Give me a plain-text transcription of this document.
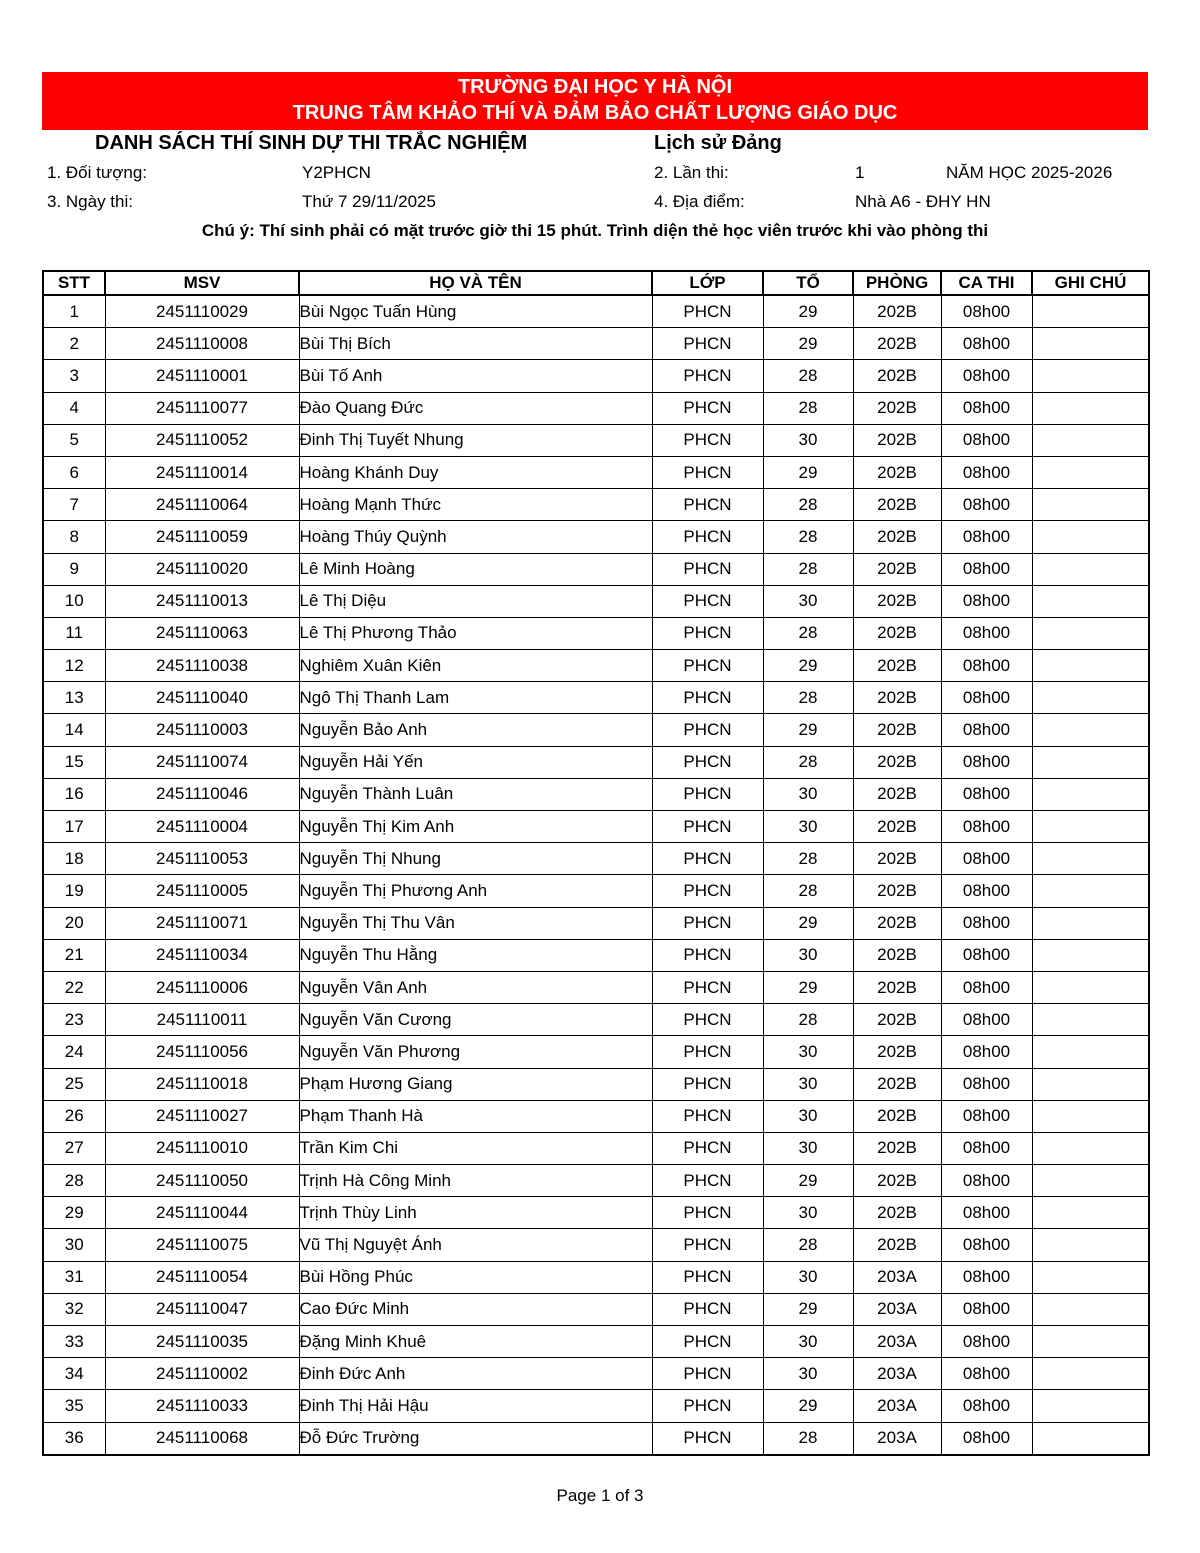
TRƯỜNG ĐẠI HỌC Y HÀ NỘI
TRUNG TÂM KHẢO THÍ VÀ ĐẢM BẢO CHẤT LƯỢNG GIÁO DỤC
DANH SÁCH THÍ SINH DỰ THI TRẮC NGHIỆM	Lịch sử Đảng
1. Đối tượng:	Y2PHCN	2. Lần thi:	1	NĂM HỌC 2025-2026
3. Ngày thi:	Thứ 7 29/11/2025	4. Địa điểm:	Nhà A6 - ĐHY HN
Chú ý: Thí sinh phải có mặt trước giờ thi 15 phút. Trình diện thẻ học viên trước khi vào phòng thi
STT	MSV	HỌ VÀ TÊN	LỚP	TỔ	PHÒNG	CA THI	GHI CHÚ
1	2451110029	Bùi Ngọc Tuấn Hùng	PHCN	29	202B	08h00	
2	2451110008	Bùi Thị Bích	PHCN	29	202B	08h00	
3	2451110001	Bùi Tố Anh	PHCN	28	202B	08h00	
4	2451110077	Đào Quang Đức	PHCN	28	202B	08h00	
5	2451110052	Đinh Thị Tuyết Nhung	PHCN	30	202B	08h00	
6	2451110014	Hoàng Khánh Duy	PHCN	29	202B	08h00	
7	2451110064	Hoàng Mạnh Thức	PHCN	28	202B	08h00	
8	2451110059	Hoàng Thúy Quỳnh	PHCN	28	202B	08h00	
9	2451110020	Lê Minh Hoàng	PHCN	28	202B	08h00	
10	2451110013	Lê Thị Diệu	PHCN	30	202B	08h00	
11	2451110063	Lê Thị Phương Thảo	PHCN	28	202B	08h00	
12	2451110038	Nghiêm Xuân Kiên	PHCN	29	202B	08h00	
13	2451110040	Ngô Thị Thanh Lam	PHCN	28	202B	08h00	
14	2451110003	Nguyễn Bảo Anh	PHCN	29	202B	08h00	
15	2451110074	Nguyễn Hải Yến	PHCN	28	202B	08h00	
16	2451110046	Nguyễn Thành Luân	PHCN	30	202B	08h00	
17	2451110004	Nguyễn Thị Kim Anh	PHCN	30	202B	08h00	
18	2451110053	Nguyễn Thị Nhung	PHCN	28	202B	08h00	
19	2451110005	Nguyễn Thị Phương Anh	PHCN	28	202B	08h00	
20	2451110071	Nguyễn Thị Thu Vân	PHCN	29	202B	08h00	
21	2451110034	Nguyễn Thu Hằng	PHCN	30	202B	08h00	
22	2451110006	Nguyễn Vân Anh	PHCN	29	202B	08h00	
23	2451110011	Nguyễn Văn Cương	PHCN	28	202B	08h00	
24	2451110056	Nguyễn Văn Phương	PHCN	30	202B	08h00	
25	2451110018	Phạm Hương Giang	PHCN	30	202B	08h00	
26	2451110027	Phạm Thanh Hà	PHCN	30	202B	08h00	
27	2451110010	Trần Kim Chi	PHCN	30	202B	08h00	
28	2451110050	Trịnh Hà Công Minh	PHCN	29	202B	08h00	
29	2451110044	Trịnh Thùy Linh	PHCN	30	202B	08h00	
30	2451110075	Vũ Thị Nguyệt Ánh	PHCN	28	202B	08h00	
31	2451110054	Bùi Hồng Phúc	PHCN	30	203A	08h00	
32	2451110047	Cao Đức Minh	PHCN	29	203A	08h00	
33	2451110035	Đặng Minh Khuê	PHCN	30	203A	08h00	
34	2451110002	Đinh Đức Anh	PHCN	30	203A	08h00	
35	2451110033	Đinh Thị Hải Hậu	PHCN	29	203A	08h00	
36	2451110068	Đỗ Đức Trường	PHCN	28	203A	08h00	
Page 1 of 3
